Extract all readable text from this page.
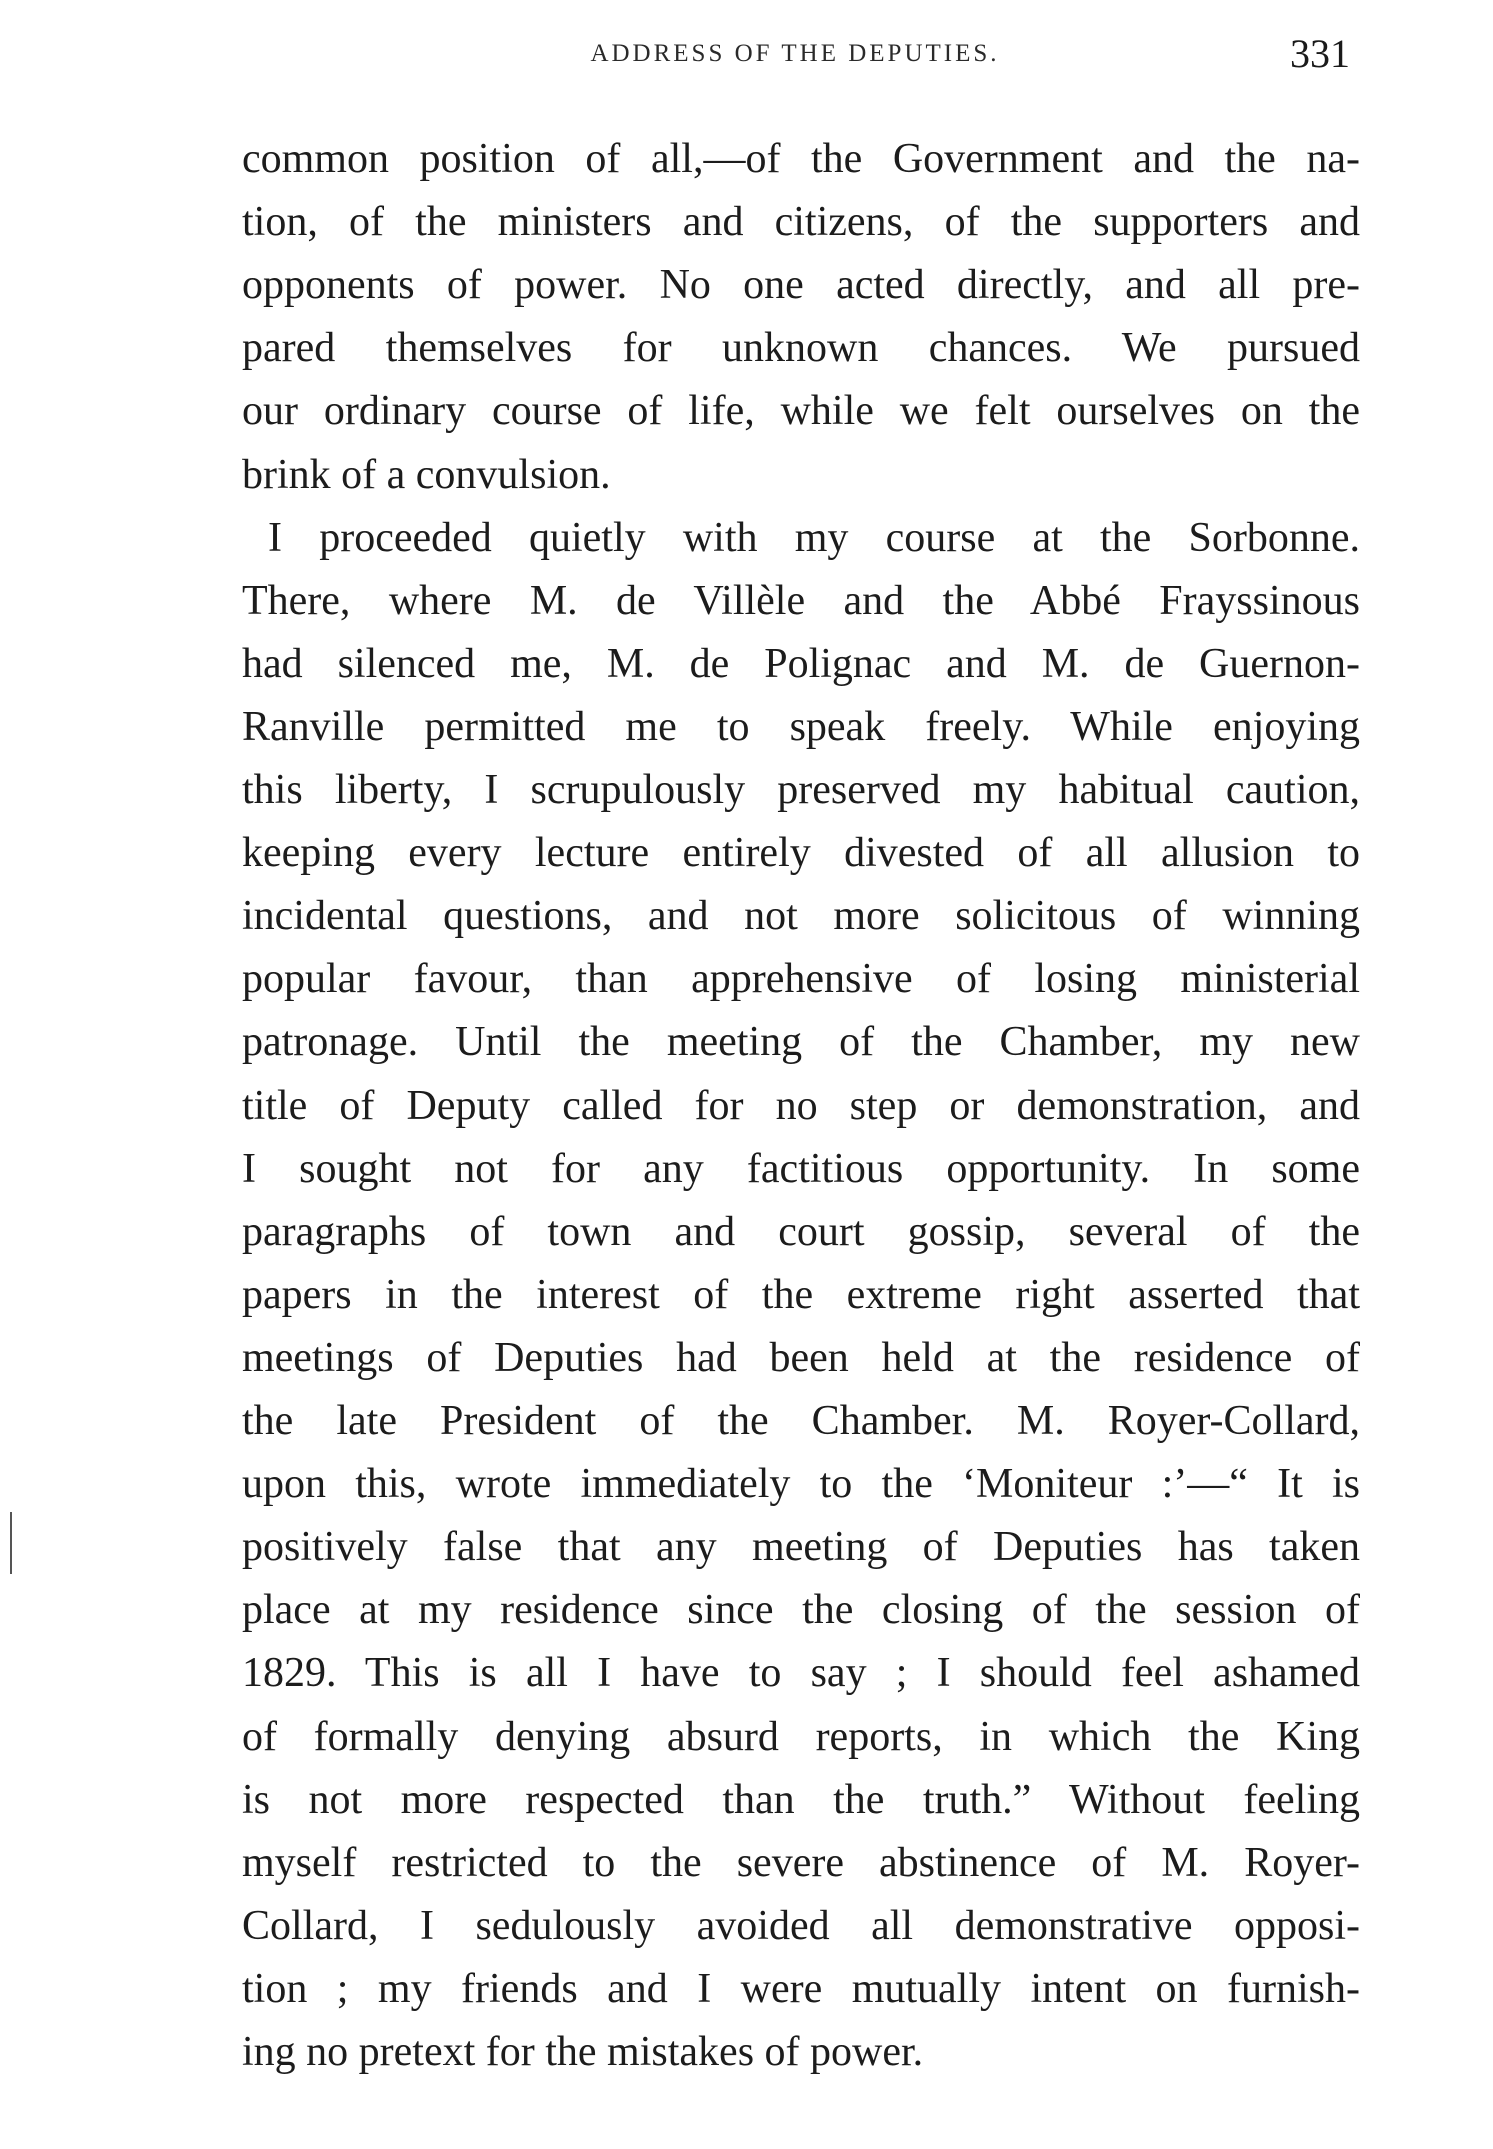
ADDRESS OF THE DEPUTIES.	331
common position of all,—of the Government and the na-
tion, of the ministers and citizens, of the supporters and
opponents of power. No one acted directly, and all pre-
pared themselves for unknown chances. We pursued
our ordinary course of life, while we felt ourselves on the
brink of a convulsion.
I proceeded quietly with my course at the Sorbonne.
There, where M. de Villèle and the Abbé Frayssinous
had silenced me, M. de Polignac and M. de Guernon-
Ranville permitted me to speak freely. While enjoying
this liberty, I scrupulously preserved my habitual caution,
keeping every lecture entirely divested of all allusion to
incidental questions, and not more solicitous of winning
popular favour, than apprehensive of losing ministerial
patronage. Until the meeting of the Chamber, my new
title of Deputy called for no step or demonstration, and
I sought not for any factitious opportunity. In some
paragraphs of town and court gossip, several of the
papers in the interest of the extreme right asserted that
meetings of Deputies had been held at the residence of
the late President of the Chamber. M. Royer-Collard,
upon this, wrote immediately to the ‘Moniteur :’—“ It is
positively false that any meeting of Deputies has taken
place at my residence since the closing of the session of
1829. This is all I have to say ; I should feel ashamed
of formally denying absurd reports, in which the King
is not more respected than the truth.” Without feeling
myself restricted to the severe abstinence of M. Royer-
Collard, I sedulously avoided all demonstrative opposi-
tion ; my friends and I were mutually intent on furnish-
ing no pretext for the mistakes of power.
